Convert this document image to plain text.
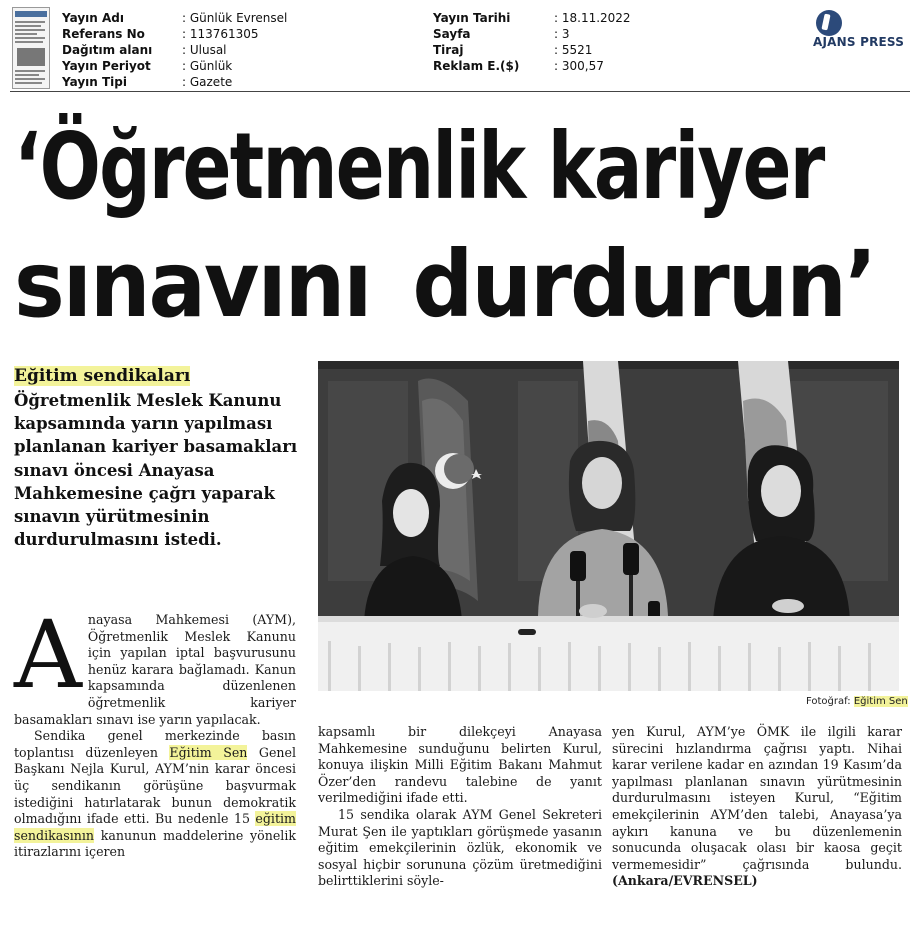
Yayın Adı	: Günlük Evrensel
Referans No	: 113761305
Dağıtım alanı	: Ulusal
Yayın Periyot	: Günlük
Yayın Tipi	: Gazete
Yayın Tarihi	: 18.11.2022
Sayfa	: 3
Tiraj	: 5521
Reklam E.($)	: 300,57
AJANS PRESS
‘Öğretmenlik kariyer
sınavını durdurun’
Eğitim sendikaları
Öğretmenlik Meslek Kanunu kapsamında yarın yapılması planlanan kariyer basamakları sınavı öncesi Anayasa Mahkemesine çağrı yaparak sınavın yürütmesinin durdurulmasını istedi.
Fotoğraf: Eğitim Sen

Anayasa Mahkemesi (AYM), Öğretmenlik Meslek Kanunu için yapılan iptal başvurusunu henüz karara bağlamadı. Kanun kapsamında düzenlenen öğretmenlik kariyer basamakları sınavı ise yarın yapılacak.

Sendika genel merkezinde basın toplantısı düzenleyen Eğitim Sen Genel Başkanı Nejla Kurul, AYM’nin karar öncesi üç sendikanın görüşüne başvurmak istediğini hatırlatarak bunun demokratik olmadığını ifade etti. Bu nedenle 15 eğitim sendikasının kanunun maddelerine yönelik itirazlarını içeren

kapsamlı bir dilekçeyi Anayasa Mahkemesine sunduğunu belirten Kurul, konuya ilişkin Milli Eğitim Bakanı Mahmut Özer’den randevu talebine de yanıt verilmediğini ifade etti.

15 sendika olarak AYM Genel Sekreteri Murat Şen ile yaptıkları görüşmede yasanın eğitim emekçilerinin özlük, ekonomik ve sosyal hiçbir sorununa çözüm üretmediğini belirttiklerini söyle-

yen Kurul, AYM’ye ÖMK ile ilgili karar sürecini hızlandırma çağrısı yaptı. Nihai karar verilene kadar en azından 19 Kasım’da yapılması planlanan sınavın yürütmesinin durdurulmasını isteyen Kurul, “Eğitim emekçilerinin AYM’den talebi, Anayasa’ya aykırı kanuna ve bu düzenlemenin sonucunda oluşacak olası bir kaosa geçit vermemesidir” çağrısında bulundu. (Ankara/EVRENSEL)
